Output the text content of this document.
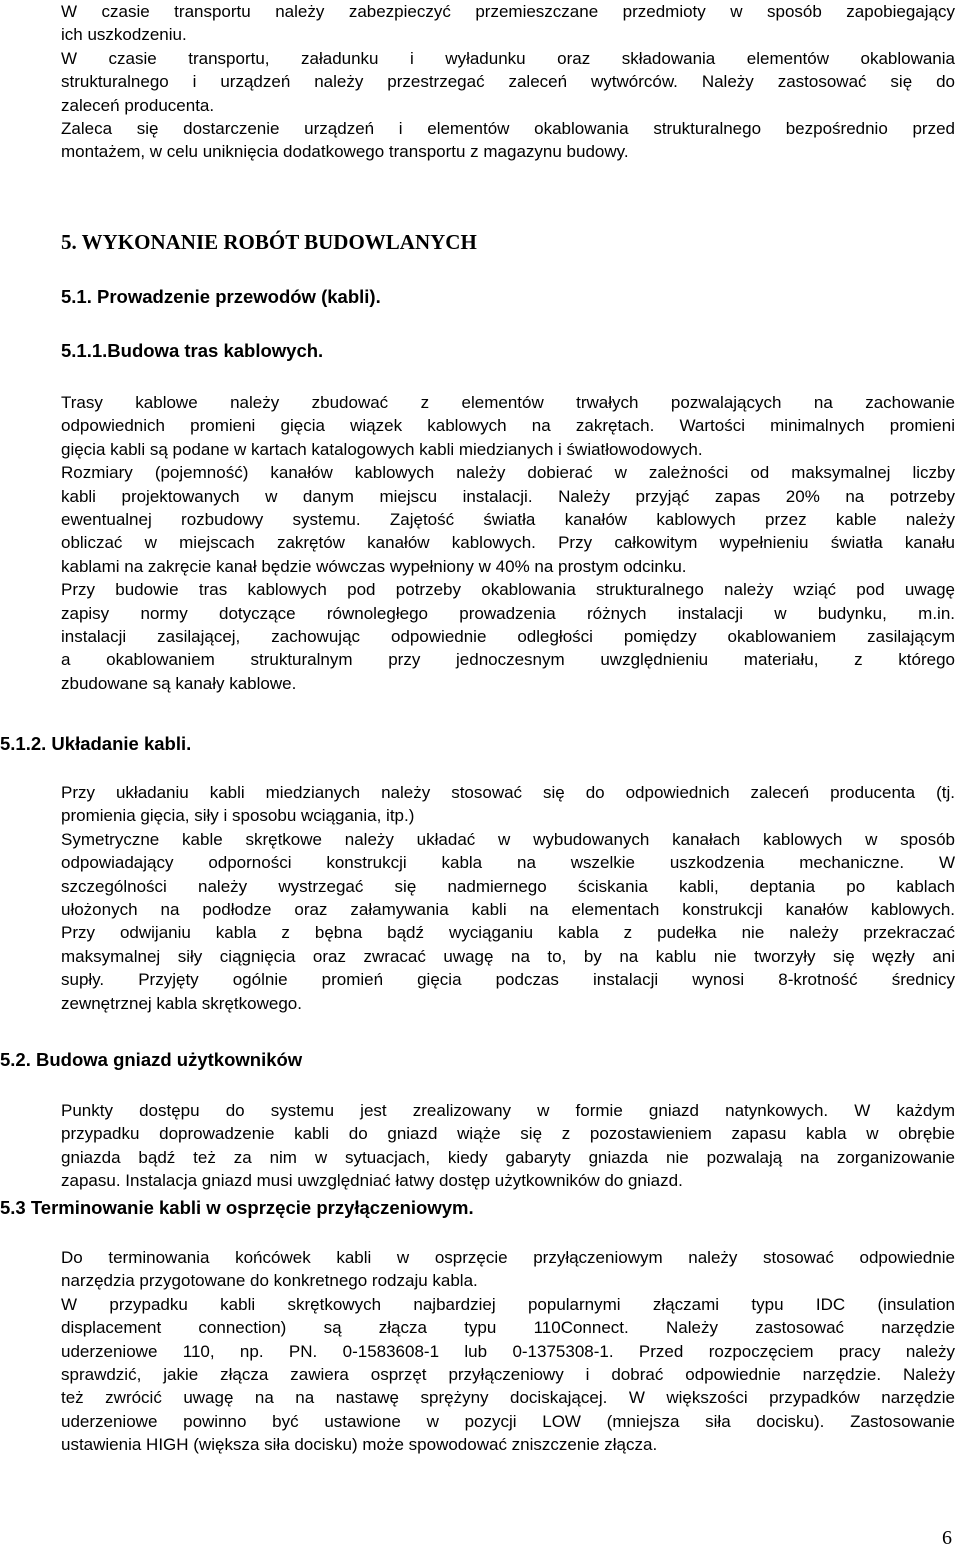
W czasie transportu należy zabezpieczyć przemieszczane przedmioty w sposób zapobiegający
ich uszkodzeniu.
W czasie transportu, załadunku i wyładunku oraz składowania elementów okablowania
strukturalnego i urządzeń należy przestrzegać zaleceń wytwórców. Należy zastosować się do
zaleceń producenta.
Zaleca się dostarczenie urządzeń i elementów okablowania strukturalnego bezpośrednio przed
montażem, w celu uniknięcia dodatkowego transportu z magazynu budowy.
5. WYKONANIE ROBÓT BUDOWLANYCH
5.1. Prowadzenie przewodów (kabli).
5.1.1.Budowa tras kablowych.
Trasy kablowe należy zbudować z elementów trwałych pozwalających na zachowanie
odpowiednich promieni gięcia wiązek kablowych na zakrętach. Wartości minimalnych promieni
gięcia kabli są podane w kartach katalogowych kabli miedzianych i światłowodowych.
Rozmiary (pojemność) kanałów kablowych należy dobierać w zależności od maksymalnej liczby
kabli projektowanych w danym miejscu instalacji. Należy przyjąć zapas 20% na potrzeby
ewentualnej rozbudowy systemu. Zajętość światła kanałów kablowych przez kable należy
obliczać w miejscach zakrętów kanałów kablowych. Przy całkowitym wypełnieniu światła kanału
kablami na zakręcie kanał będzie wówczas wypełniony w 40% na prostym odcinku.
Przy budowie tras kablowych pod potrzeby okablowania strukturalnego należy wziąć pod uwagę
zapisy normy dotyczące równoległego prowadzenia różnych instalacji w budynku, m.in.
instalacji zasilającej, zachowując odpowiednie odległości pomiędzy okablowaniem zasilającym
a okablowaniem strukturalnym przy jednoczesnym uwzględnieniu materiału, z którego
zbudowane są kanały kablowe.
5.1.2. Układanie kabli.
Przy układaniu kabli miedzianych należy stosować się do odpowiednich zaleceń producenta (tj.
promienia gięcia, siły i sposobu wciągania, itp.)
Symetryczne kable skrętkowe należy układać w wybudowanych kanałach kablowych w sposób
odpowiadający odporności konstrukcji kabla na wszelkie uszkodzenia mechaniczne. W
szczególności należy wystrzegać się nadmiernego ściskania kabli, deptania po kablach
ułożonych na podłodze oraz załamywania kabli na elementach konstrukcji kanałów kablowych.
Przy odwijaniu kabla z bębna bądź wyciąganiu kabla z pudełka nie należy przekraczać
maksymalnej siły ciągnięcia oraz zwracać uwagę na to, by na kablu nie tworzyły się węzły ani
supły. Przyjęty ogólnie promień gięcia podczas instalacji wynosi 8-krotność średnicy
zewnętrznej kabla skrętkowego.
5.2. Budowa gniazd użytkowników
Punkty dostępu do systemu jest zrealizowany w formie gniazd natynkowych. W każdym
przypadku doprowadzenie kabli do gniazd wiąże się z pozostawieniem zapasu kabla w obrębie
gniazda bądź też za nim w sytuacjach, kiedy gabaryty gniazda nie pozwalają na zorganizowanie
zapasu. Instalacja gniazd musi uwzględniać łatwy dostęp użytkowników do gniazd.
5.3 Terminowanie kabli w osprzęcie przyłączeniowym.
Do terminowania końcówek kabli w osprzęcie przyłączeniowym należy stosować odpowiednie
narzędzia przygotowane do konkretnego rodzaju kabla.
W przypadku kabli skrętkowych najbardziej popularnymi złączami typu IDC (insulation
displacement connection) są złącza typu 110Connect. Należy zastosować narzędzie
uderzeniowe 110, np. PN. 0-1583608-1 lub 0-1375308-1. Przed rozpoczęciem pracy należy
sprawdzić, jakie złącza zawiera osprzęt przyłączeniowy i dobrać odpowiednie narzędzie. Należy
też zwrócić uwagę na na nastawę sprężyny dociskającej. W większości przypadków narzędzie
uderzeniowe powinno być ustawione w pozycji LOW (mniejsza siła docisku). Zastosowanie
ustawienia HIGH (większa siła docisku) może spowodować zniszczenie złącza.
6
